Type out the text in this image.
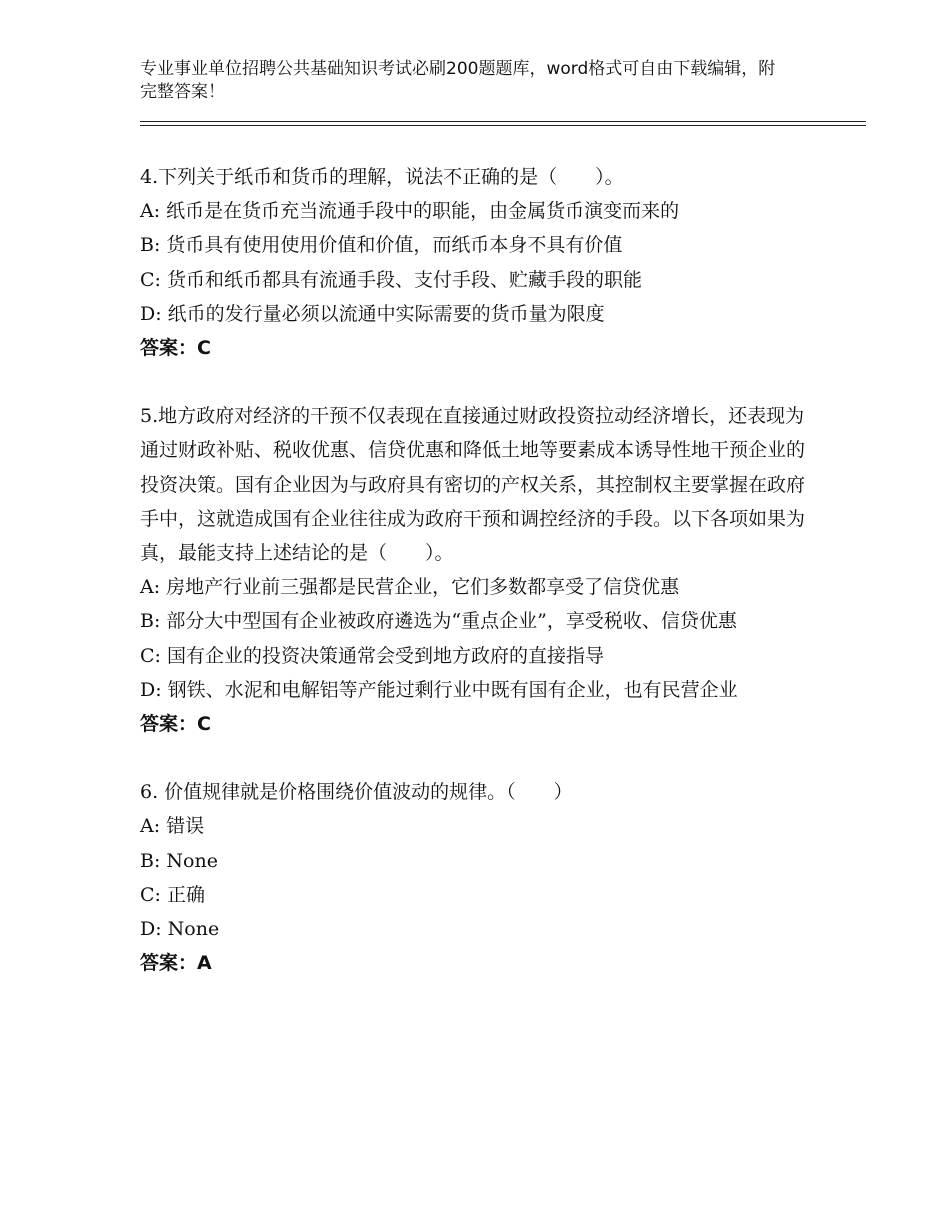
专业事业单位招聘公共基础知识考试必刷200题题库，word格式可自由下载编辑，附完整答案！

4.下列关于纸币和货币的理解，说法不正确的是（　　）。

A: 纸币是在货币充当流通手段中的职能，由金属货币演变而来的

B: 货币具有使用使用价值和价值，而纸币本身不具有价值

C: 货币和纸币都具有流通手段、支付手段、贮藏手段的职能

D: 纸币的发行量必须以流通中实际需要的货币量为限度

答案：C

5.地方政府对经济的干预不仅表现在直接通过财政投资拉动经济增长，还表现为通过财政补贴、税收优惠、信贷优惠和降低土地等要素成本诱导性地干预企业的投资决策。国有企业因为与政府具有密切的产权关系，其控制权主要掌握在政府手中，这就造成国有企业往往成为政府干预和调控经济的手段。以下各项如果为真，最能支持上述结论的是（　　）。

A: 房地产行业前三强都是民营企业，它们多数都享受了信贷优惠

B: 部分大中型国有企业被政府遴选为“重点企业”，享受税收、信贷优惠

C: 国有企业的投资决策通常会受到地方政府的直接指导

D: 钢铁、水泥和电解铝等产能过剩行业中既有国有企业，也有民营企业

答案：C

6. 价值规律就是价格围绕价值波动的规律。（　　）

A: 错误

B: None

C: 正确

D: None

答案：A
